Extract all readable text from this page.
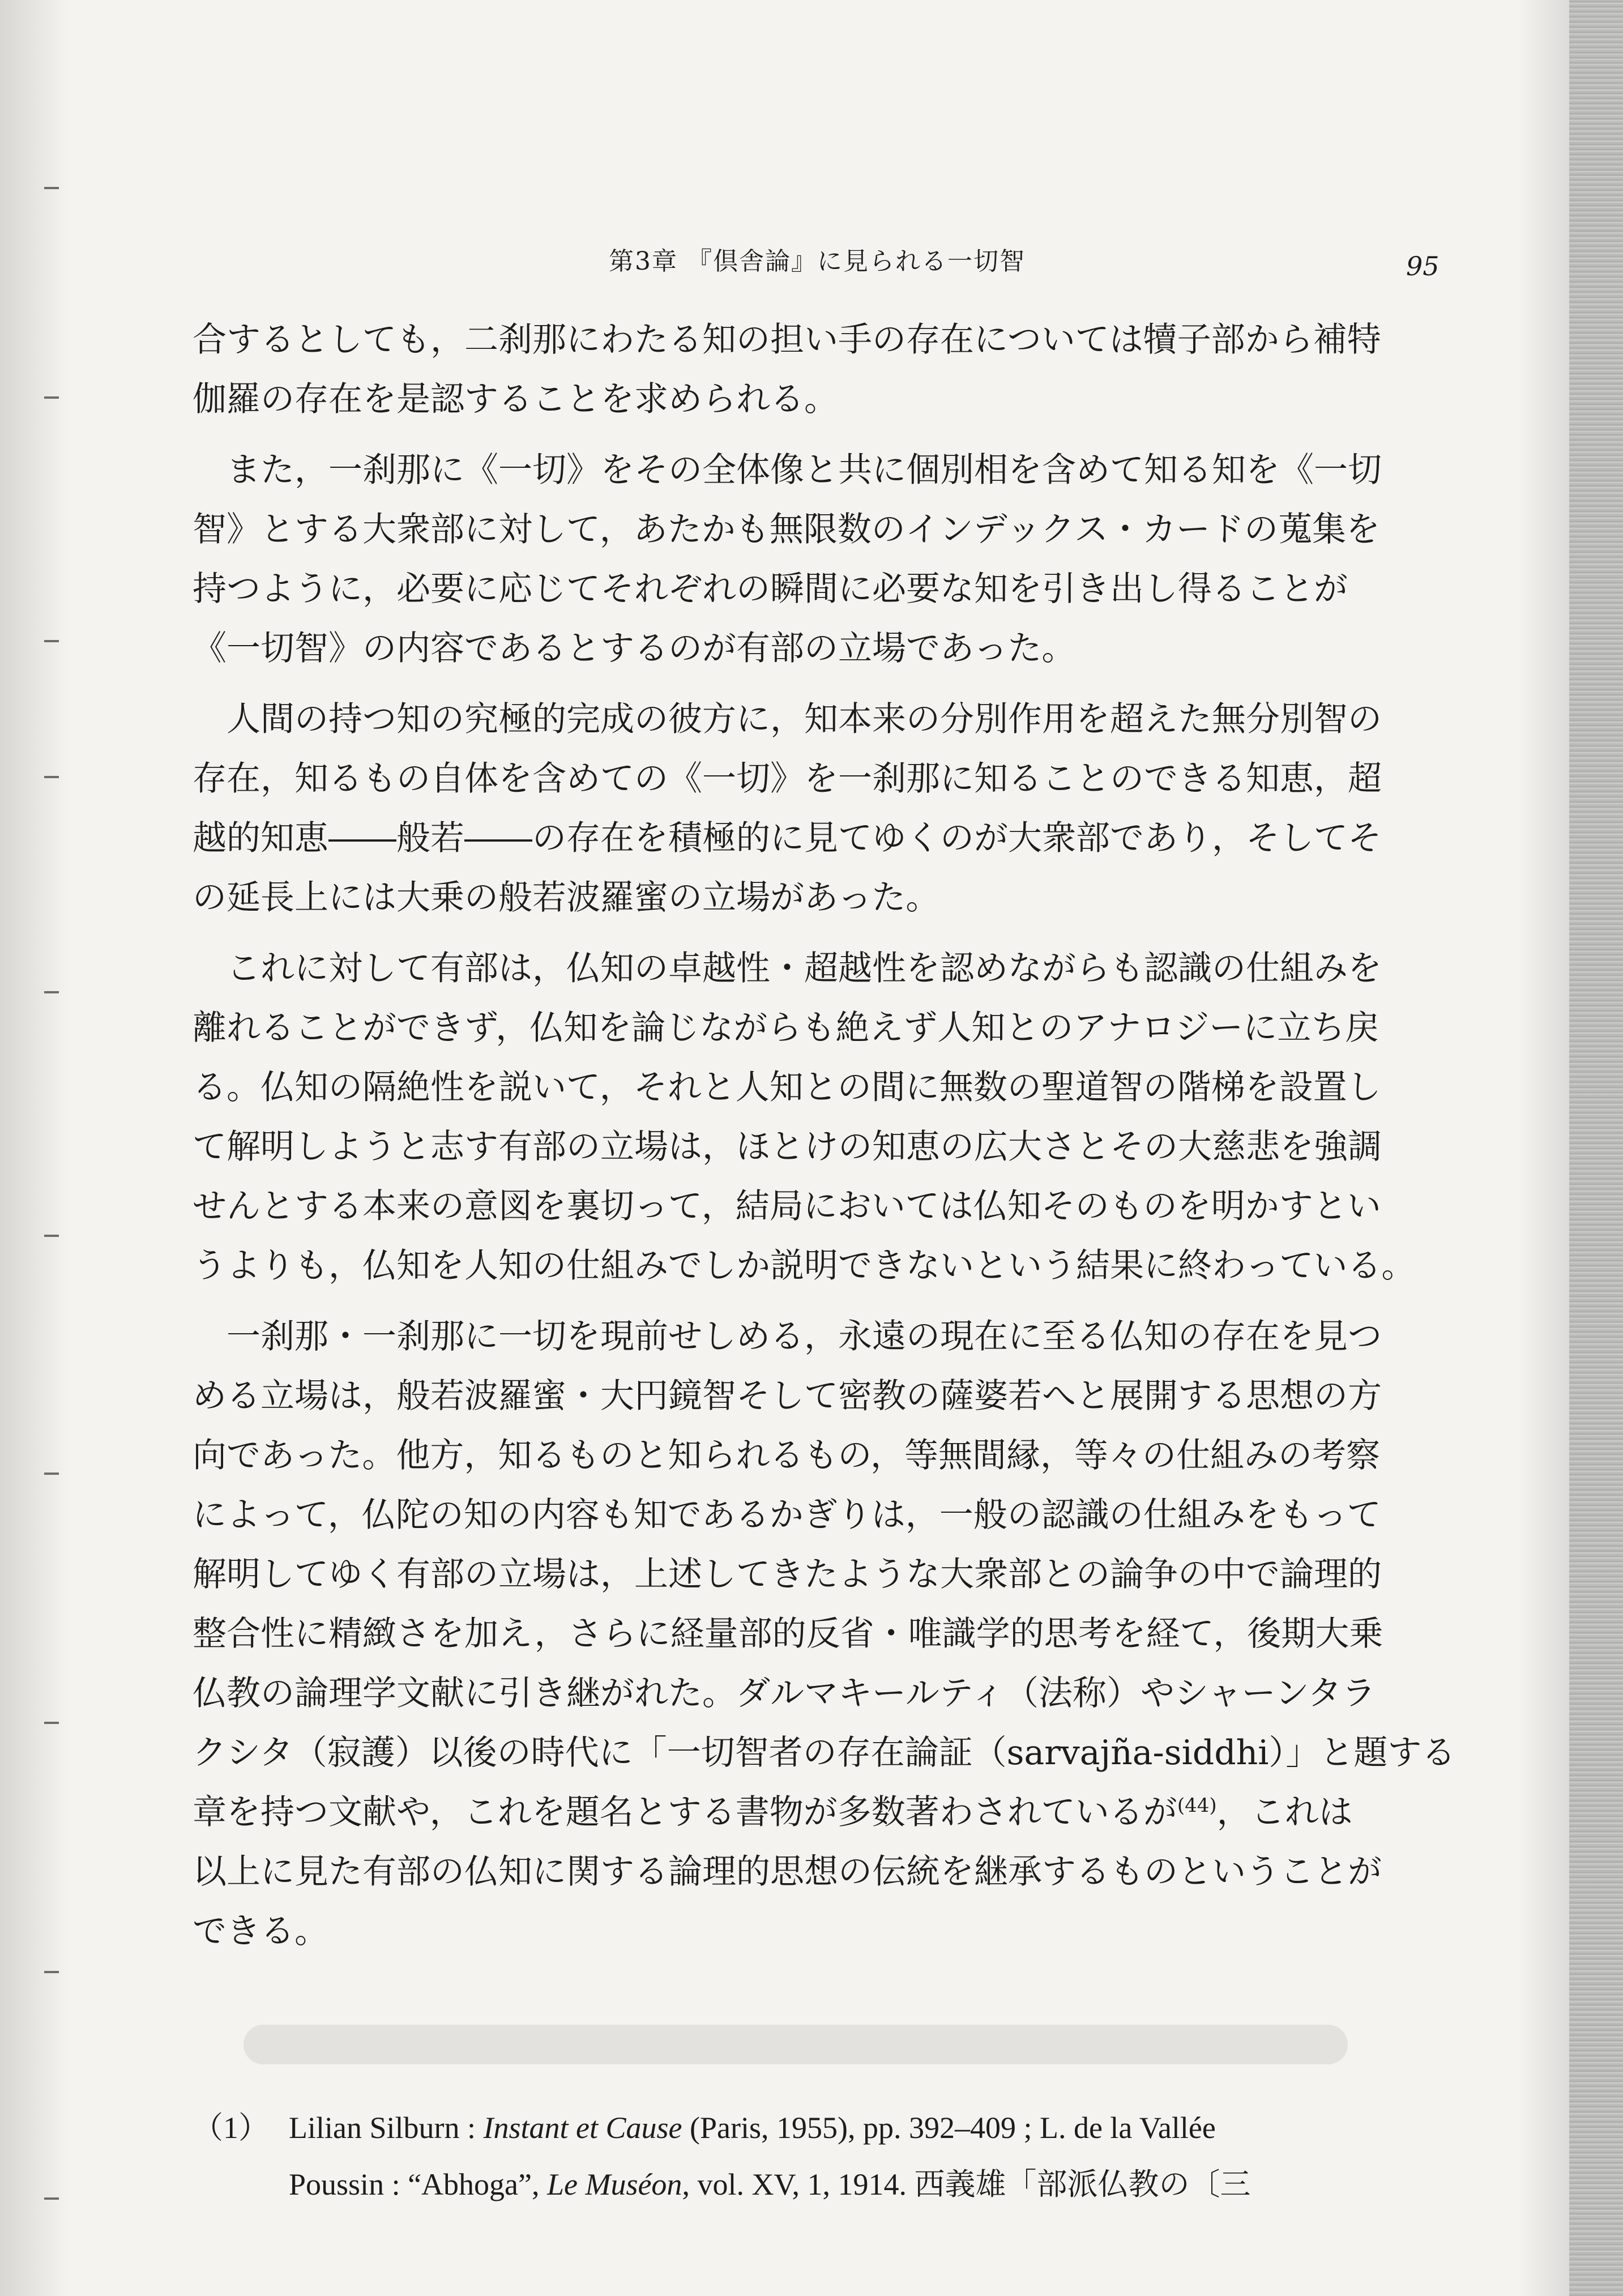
第3章 『倶舎論』に見られる一切智	95
合するとしても，二刹那にわたる知の担い手の存在については犢子部から補特
伽羅の存在を是認することを求められる。
　また，一刹那に《一切》をその全体像と共に個別相を含めて知る知を《一切
智》とする大衆部に対して，あたかも無限数のインデックス・カードの蒐集を
持つように，必要に応じてそれぞれの瞬間に必要な知を引き出し得ることが
《一切智》の内容であるとするのが有部の立場であった。
　人間の持つ知の究極的完成の彼方に，知本来の分別作用を超えた無分別智の
存在，知るもの自体を含めての《一切》を一刹那に知ることのできる知恵，超
越的知恵――般若――の存在を積極的に見てゆくのが大衆部であり，そしてそ
の延長上には大乗の般若波羅蜜の立場があった。
　これに対して有部は，仏知の卓越性・超越性を認めながらも認識の仕組みを
離れることができず，仏知を論じながらも絶えず人知とのアナロジーに立ち戻
る。仏知の隔絶性を説いて，それと人知との間に無数の聖道智の階梯を設置し
て解明しようと志す有部の立場は，ほとけの知恵の広大さとその大慈悲を強調
せんとする本来の意図を裏切って，結局においては仏知そのものを明かすとい
うよりも，仏知を人知の仕組みでしか説明できないという結果に終わっている。
　一刹那・一刹那に一切を現前せしめる，永遠の現在に至る仏知の存在を見つ
める立場は，般若波羅蜜・大円鏡智そして密教の薩婆若へと展開する思想の方
向であった。他方，知るものと知られるもの，等無間縁，等々の仕組みの考察
によって，仏陀の知の内容も知であるかぎりは，一般の認識の仕組みをもって
解明してゆく有部の立場は，上述してきたような大衆部との論争の中で論理的
整合性に精緻さを加え，さらに経量部的反省・唯識学的思考を経て，後期大乗
仏教の論理学文献に引き継がれた。ダルマキールティ（法称）やシャーンタラ
クシタ（寂護）以後の時代に「一切智者の存在論証（sarvajña-siddhi）」と題する
章を持つ文献や，これを題名とする書物が多数著わされているが$^{(44)}$，これは
以上に見た有部の仏知に関する論理的思想の伝統を継承するものということが
できる。
（1） Lilian Silburn : Instant et Cause (Paris, 1955), pp. 392–409 ; L. de la Vallée
Poussin : “Abhoga”, Le Muséon, vol. XV, 1, 1914. 西義雄「部派仏教の〔三
